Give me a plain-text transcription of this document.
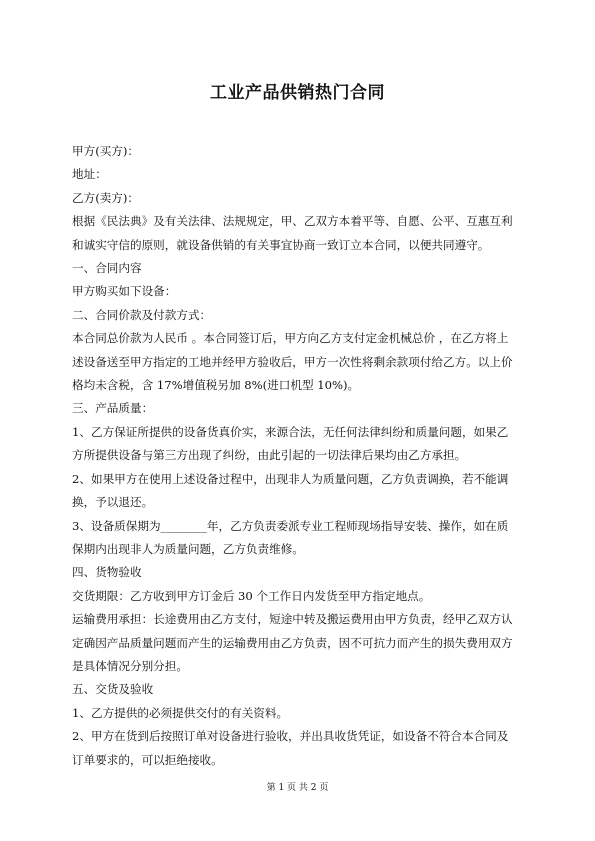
工业产品供销热门合同

甲方(买方)：

地址：

乙方(卖方)：

根据《民法典》及有关法律、法规规定，甲、乙双方本着平等、自愿、公平、互惠互利

和诚实守信的原则，就设备供销的有关事宜协商一致订立本合同，以便共同遵守。

一、合同内容

甲方购买如下设备：

二、合同价款及付款方式：

本合同总价款为人民币 。本合同签订后，甲方向乙方支付定金机械总价 ，在乙方将上

述设备送至甲方指定的工地并经甲方验收后，甲方一次性将剩余款项付给乙方。以上价

格均未含税，含 17%增值税另加 8%(进口机型 10%)。

三、产品质量：

1、乙方保证所提供的设备货真价实，来源合法，无任何法律纠纷和质量问题，如果乙

方所提供设备与第三方出现了纠纷，由此引起的一切法律后果均由乙方承担。

2、如果甲方在使用上述设备过程中，出现非人为质量问题，乙方负责调换，若不能调

换，予以退还。

3、设备质保期为________年，乙方负责委派专业工程师现场指导安装、操作，如在质

保期内出现非人为质量问题，乙方负责维修。

四、货物验收

交货期限：乙方收到甲方订金后 30 个工作日内发货至甲方指定地点。

运输费用承担：长途费用由乙方支付，短途中转及搬运费用由甲方负责，经甲乙双方认

定确因产品质量问题而产生的运输费用由乙方负责，因不可抗力而产生的损失费用双方

是具体情况分别分担。

五、交货及验收

1、乙方提供的必须提供交付的有关资料。

2、甲方在货到后按照订单对设备进行验收，并出具收货凭证，如设备不符合本合同及

订单要求的，可以拒绝接收。

第 1 页 共 2 页
